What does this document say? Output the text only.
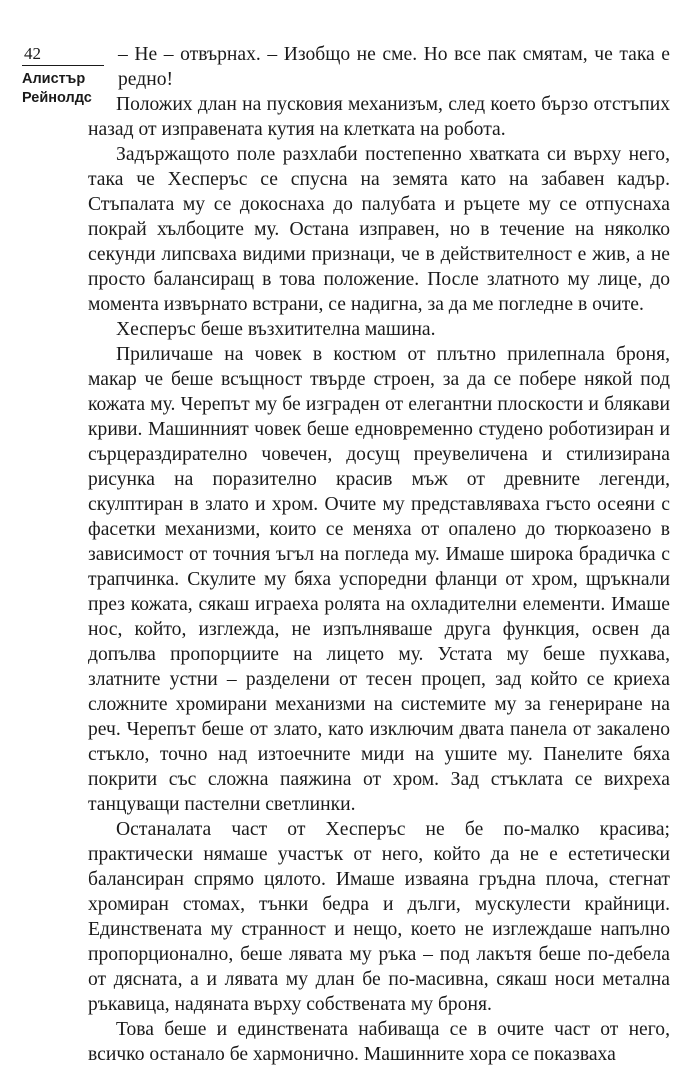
42
Алистър
Рейнолдс

– Не – отвърнах. – Изобщо не сме. Но все пак смятам, че така е редно!

Положих длан на пусковия механизъм, след което бързо отстъпих назад от изправената кутия на клетката на робота.

Задържащото поле разхлаби постепенно хватката си върху него, така че Хесперъс се спусна на земята като на забавен кадър. Стъпалата му се докоснаха до палубата и ръцете му се отпуснаха покрай хълбоците му. Остана изправен, но в течение на няколко секунди липсваха видими признаци, че в действителност е жив, а не просто балансиращ в това положение. После златното му лице, до момента извърнато встрани, се надигна, за да ме погледне в очите.

Хесперъс беше възхитителна машина.

Приличаше на човек в костюм от плътно прилепнала броня, макар че беше всъщност твърде строен, за да се побере някой под кожата му. Черепът му бе изграден от елегантни плоскости и блякави криви. Машинният човек беше едновременно студено роботизиран и сърцераздирателно човечен, досущ преувеличена и стилизирана рисунка на поразително красив мъж от древните легенди, скулптиран в злато и хром. Очите му представляваха гъсто осеяни с фасетки механизми, които се меняха от опалено до тюркоазено в зависимост от точния ъгъл на погледа му. Имаше широка брадичка с трапчинка. Скулите му бяха успоредни фланци от хром, щръкнали през кожата, сякаш играеха ролята на охладителни елементи. Имаше нос, който, изглежда, не изпълняваше друга функция, освен да допълва пропорциите на лицето му. Устата му беше пухкава, златните устни – разделени от тесен процеп, зад който се криеха сложните хромирани механизми на системите му за генериране на реч. Черепът беше от злато, като изключим двата панела от закалено стъкло, точно над изтоечните миди на ушите му. Панелите бяха покрити със сложна паяжина от хром. Зад стъклата се вихреха танцуващи пастелни светлинки.

Останалата част от Хесперъс не бе по-малко красива; практически нямаше участък от него, който да не е естетически балансиран спрямо цялото. Имаше изваяна гръдна плоча, стегнат хромиран стомах, тънки бедра и дълги, мускулести крайници. Единствената му странност и нещо, което не изглеждаше напълно пропорционално, беше лявата му ръка – под лакътя беше по-дебела от дясната, а и лявата му длан бе по-масивна, сякаш носи метална ръкавица, надяната върху собствената му броня.

Това беше и единствената набиваща се в очите част от него, всичко останало бе хармонично. Машинните хора се показваха
